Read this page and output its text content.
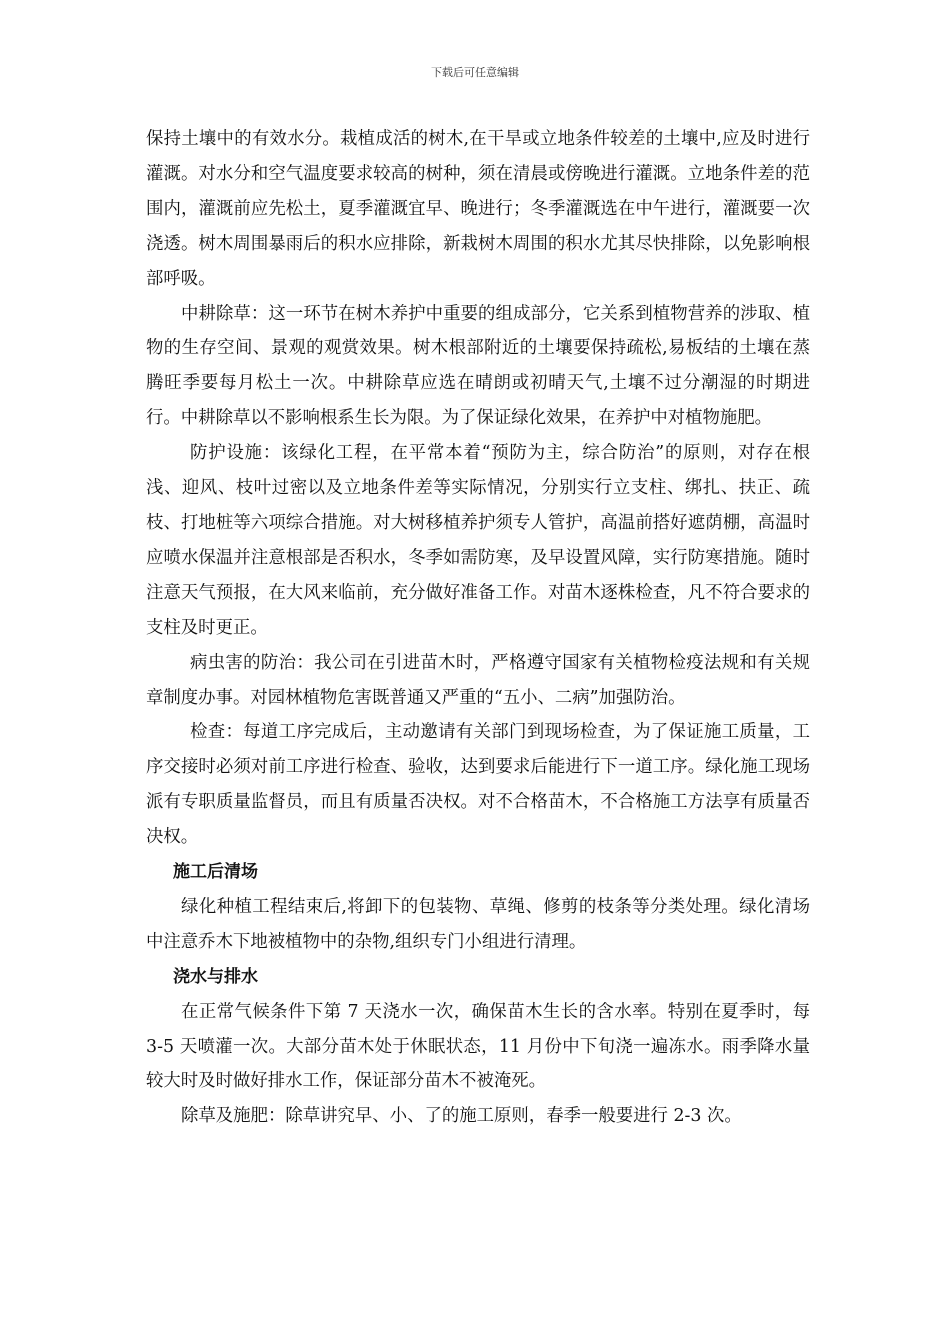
下载后可任意编辑

保持土壤中的有效水分。栽植成活的树木,在干旱或立地条件较差的土壤中,应及时进行灌溉。对水分和空气温度要求较高的树种，须在清晨或傍晚进行灌溉。立地条件差的范围内，灌溉前应先松土，夏季灌溉宜早、晚进行；冬季灌溉选在中午进行，灌溉要一次浇透。树木周围暴雨后的积水应排除，新栽树木周围的积水尤其尽快排除，以免影响根部呼吸。

中耕除草：这一环节在树木养护中重要的组成部分，它关系到植物营养的涉取、植物的生存空间、景观的观赏效果。树木根部附近的土壤要保持疏松,易板结的土壤在蒸腾旺季要每月松土一次。中耕除草应选在晴朗或初晴天气,土壤不过分潮湿的时期进行。中耕除草以不影响根系生长为限。为了保证绿化效果，在养护中对植物施肥。

防护设施：该绿化工程，在平常本着“预防为主，综合防治”的原则，对存在根浅、迎风、枝叶过密以及立地条件差等实际情况，分别实行立支柱、绑扎、扶正、疏枝、打地桩等六项综合措施。对大树移植养护须专人管护，高温前搭好遮荫棚，高温时应喷水保温并注意根部是否积水，冬季如需防寒，及早设置风障，实行防寒措施。随时注意天气预报，在大风来临前，充分做好准备工作。对苗木逐株检查，凡不符合要求的支柱及时更正。

病虫害的防治：我公司在引进苗木时，严格遵守国家有关植物检疫法规和有关规章制度办事。对园林植物危害既普通又严重的“五小、二病”加强防治。

检查：每道工序完成后，主动邀请有关部门到现场检查，为了保证施工质量，工序交接时必须对前工序进行检查、验收，达到要求后能进行下一道工序。绿化施工现场派有专职质量监督员，而且有质量否决权。对不合格苗木，不合格施工方法享有质量否决权。

施工后清场

绿化种植工程结束后,将卸下的包装物、草绳、修剪的枝条等分类处理。绿化清场中注意乔木下地被植物中的杂物,组织专门小组进行清理。

浇水与排水

在正常气候条件下第 7 天浇水一次，确保苗木生长的含水率。特别在夏季时，每 3-5 天喷灌一次。大部分苗木处于休眠状态，11 月份中下旬浇一遍冻水。雨季降水量较大时及时做好排水工作，保证部分苗木不被淹死。

除草及施肥：除草讲究早、小、了的施工原则，春季一般要进行 2-3 次。
